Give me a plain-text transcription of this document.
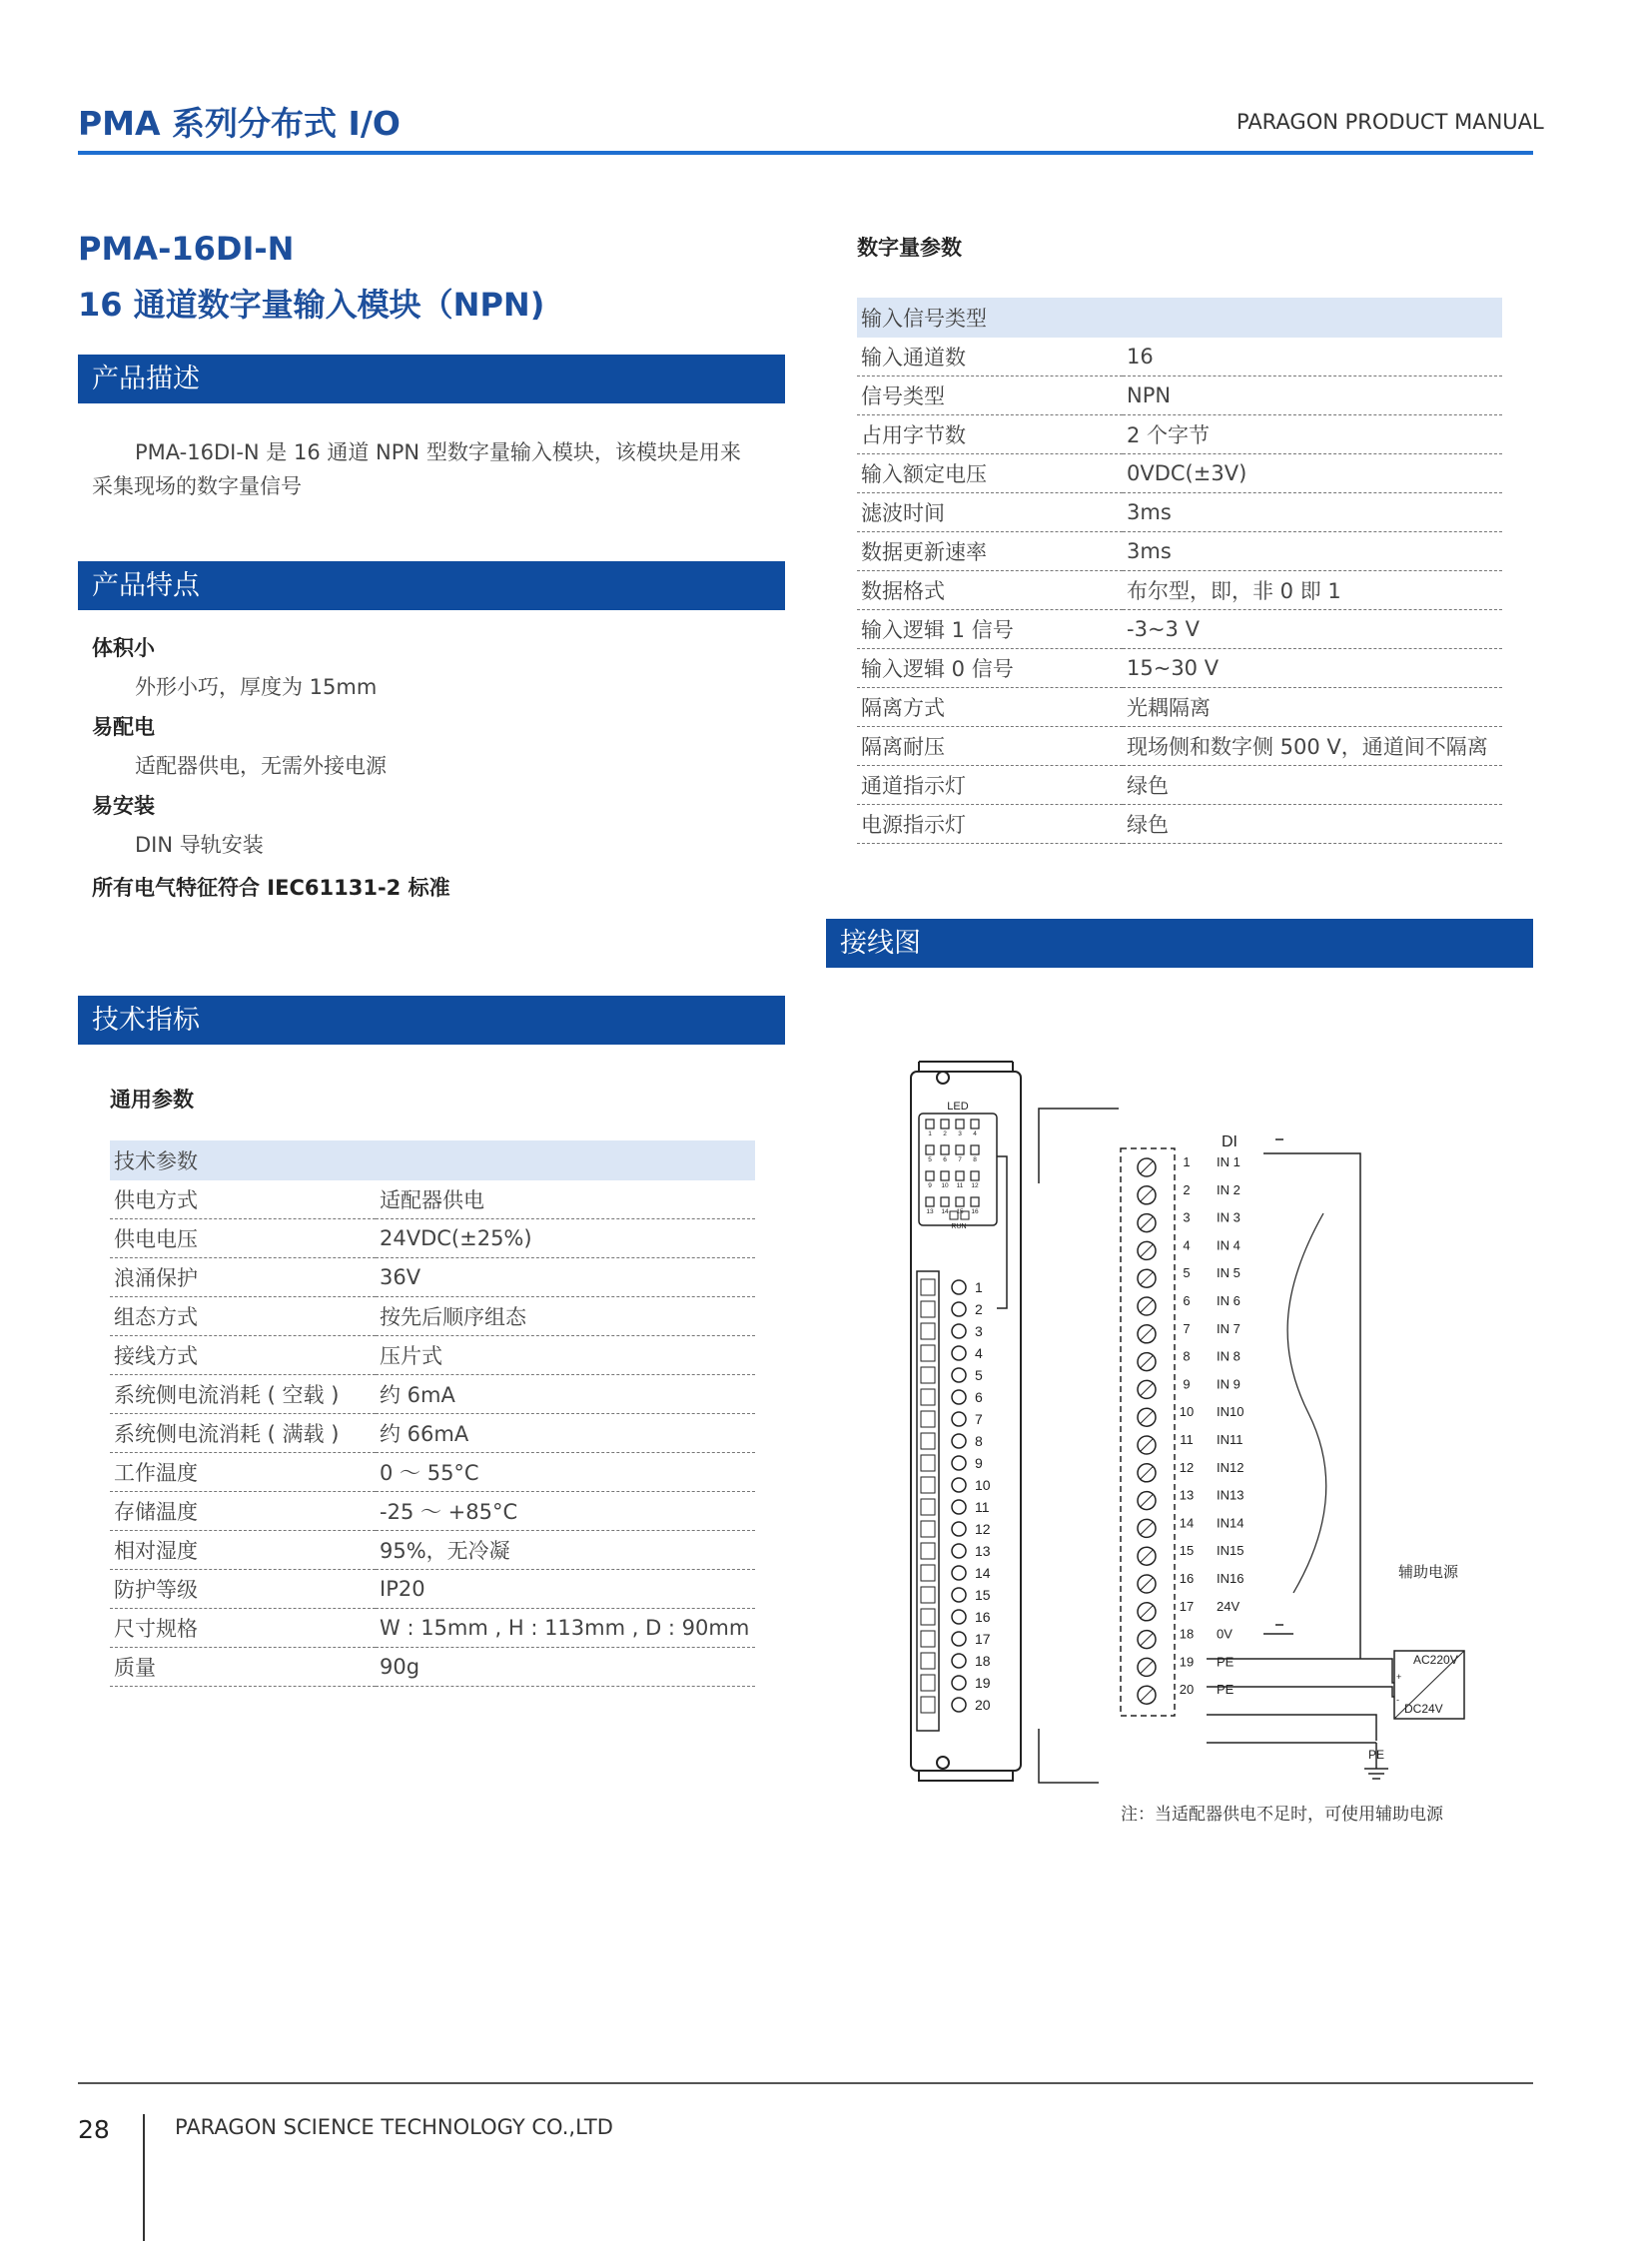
PMA 系列分布式 I/O	PARAGON PRODUCT MANUAL
PMA-16DI-N
16 通道数字量输入模块（NPN)
产品描述
PMA-16DI-N 是 16 通道 NPN 型数字量输入模块，该模块是用来
采集现场的数字量信号
产品特点
体积小
外形小巧，厚度为 15mm
易配电
适配器供电，无需外接电源
易安装
DIN 导轨安装
所有电气特征符合 IEC61131-2 标准
技术指标
通用参数
技术参数	
供电方式	适配器供电
供电电压	24VDC(±25%)
浪涌保护	36V
组态方式	按先后顺序组态
接线方式	压片式
系统侧电流消耗 ( 空载 )	约 6mA
系统侧电流消耗 ( 满载 )	约 66mA
工作温度	0 ～ 55°C
存储温度	-25 ～ +85°C
相对湿度	95%，无冷凝
防护等级	IP20
尺寸规格	W : 15mm , H : 113mm , D : 90mm
质量	90g
数字量参数
输入信号类型	
输入通道数	16
信号类型	NPN
占用字节数	2 个字节
输入额定电压	0VDC(±3V)
滤波时间	3ms
数据更新速率	3ms
数据格式	布尔型，即，非 0 即 1
输入逻辑 1 信号	-3~3 V
输入逻辑 0 信号	15~30 V
隔离方式	光耦隔离
隔离耐压	现场侧和数字侧 500 V，通道间不隔离
通道指示灯	绿色
电源指示灯	绿色
接线图
LED
1 2 3 4
5 6 7 8
9 10 11 12
13 14 15 16
RUN
1
2
3
4
5
6
7
8
9
10
11
12
13
14
15
16
17
18
19
20
1 IN 1
2 IN 2
3 IN 3
4 IN 4
5 IN 5
6 IN 6
7 IN 7
8 IN 8
9 IN 9
10 IN10
11 IN11
12 IN12
13 IN13
14 IN14
15 IN15
16 IN16
17 24V
18 0V
19 PE
20 PE
DI
+
-
AC220V
DC24V
辅助电源
PE
注：当适配器供电不足时，可使用辅助电源
28	PARAGON SCIENCE TECHNOLOGY CO.,LTD
